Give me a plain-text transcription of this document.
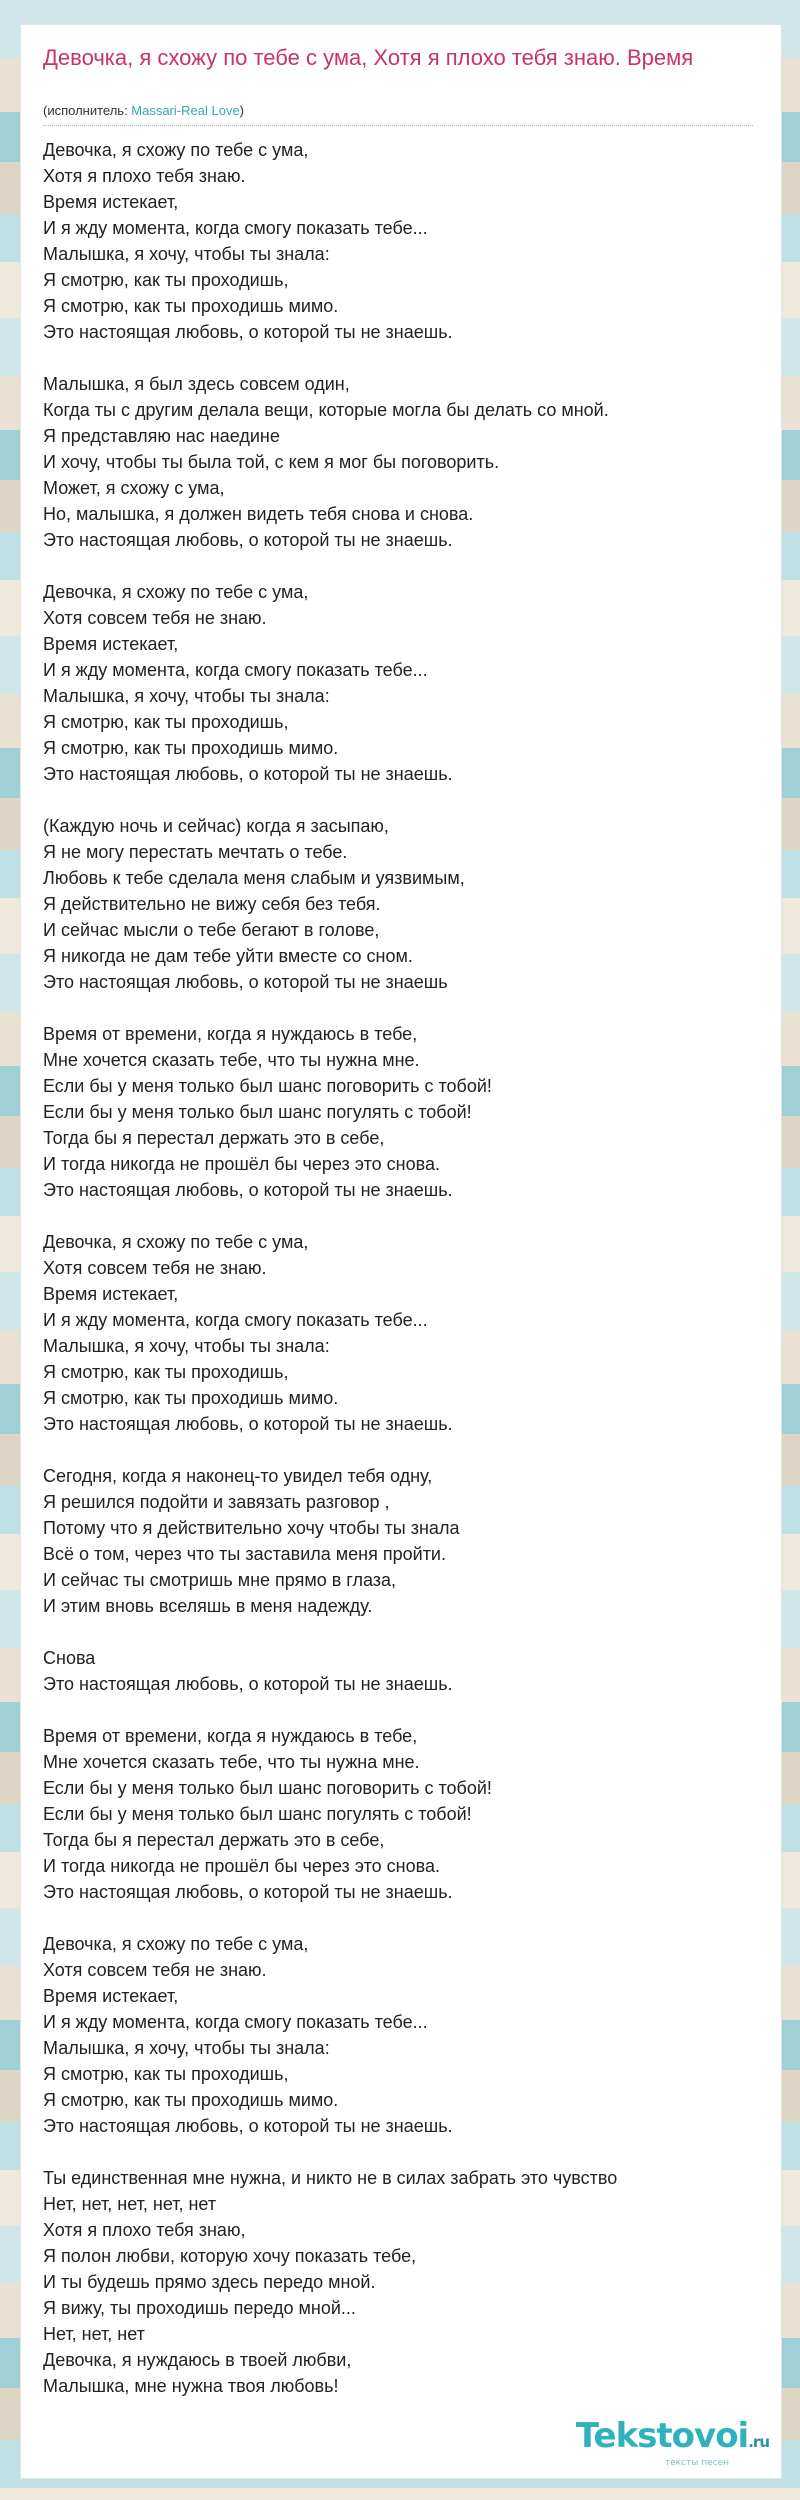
Девочка, я схожу по тебе с ума, Хотя я плохо тебя знаю. Время
(исполнитель: Massari-Real Love)
Девочка, я схожу по тебе с ума,
Хотя я плохо тебя знаю.
Время истекает,
И я жду момента, когда смогу показать тебе...
Малышка, я хочу, чтобы ты знала:
Я смотрю, как ты проходишь,
Я смотрю, как ты проходишь мимо.
Это настоящая любовь, о которой ты не знаешь.
Малышка, я был здесь совсем один,
Когда ты с другим делала вещи, которые могла бы делать со мной.
Я представляю нас наедине
И хочу, чтобы ты была той, с кем я мог бы поговорить.
Может, я схожу с ума,
Но, малышка, я должен видеть тебя снова и снова.
Это настоящая любовь, о которой ты не знаешь.
Девочка, я схожу по тебе с ума,
Хотя совсем тебя не знаю.
Время истекает,
И я жду момента, когда смогу показать тебе...
Малышка, я хочу, чтобы ты знала:
Я смотрю, как ты проходишь,
Я смотрю, как ты проходишь мимо.
Это настоящая любовь, о которой ты не знаешь.
(Каждую ночь и сейчас) когда я засыпаю,
Я не могу перестать мечтать о тебе.
Любовь к тебе сделала меня слабым и уязвимым,
Я действительно не вижу себя без тебя.
И сейчас мысли о тебе бегают в голове,
Я никогда не дам тебе уйти вместе со сном.
Это настоящая любовь, о которой ты не знаешь
Время от времени, когда я нуждаюсь в тебе,
Мне хочется сказать тебе, что ты нужна мне.
Если бы у меня только был шанс поговорить с тобой!
Если бы у меня только был шанс погулять с тобой!
Тогда бы я перестал держать это в себе,
И тогда никогда не прошёл бы через это снова.
Это настоящая любовь, о которой ты не знаешь.
Девочка, я схожу по тебе с ума,
Хотя совсем тебя не знаю.
Время истекает,
И я жду момента, когда смогу показать тебе...
Малышка, я хочу, чтобы ты знала:
Я смотрю, как ты проходишь,
Я смотрю, как ты проходишь мимо.
Это настоящая любовь, о которой ты не знаешь.
Сегодня, когда я наконец-то увидел тебя одну,
Я решился подойти и завязать разговор ,
Потому что я действительно хочу чтобы ты знала
Всё о том, через что ты заставила меня пройти.
И сейчас ты смотришь мне прямо в глаза,
И этим вновь вселяшь в меня надежду.
Снова
Это настоящая любовь, о которой ты не знаешь.
Время от времени, когда я нуждаюсь в тебе,
Мне хочется сказать тебе, что ты нужна мне.
Если бы у меня только был шанс поговорить с тобой!
Если бы у меня только был шанс погулять с тобой!
Тогда бы я перестал держать это в себе,
И тогда никогда не прошёл бы через это снова.
Это настоящая любовь, о которой ты не знаешь.
Девочка, я схожу по тебе с ума,
Хотя совсем тебя не знаю.
Время истекает,
И я жду момента, когда смогу показать тебе...
Малышка, я хочу, чтобы ты знала:
Я смотрю, как ты проходишь,
Я смотрю, как ты проходишь мимо.
Это настоящая любовь, о которой ты не знаешь.
Ты единственная мне нужна, и никто не в силах забрать это чувство
Нет, нет, нет, нет, нет
Хотя я плохо тебя знаю,
Я полон любви, которую хочу показать тебе,
И ты будешь прямо здесь передо мной.
Я вижу, ты проходишь передо мной...
Нет, нет, нет
Девочка, я нуждаюсь в твоей любви,
Малышка, мне нужна твоя любовь!
Tekstovoi.ru
тексты песен
